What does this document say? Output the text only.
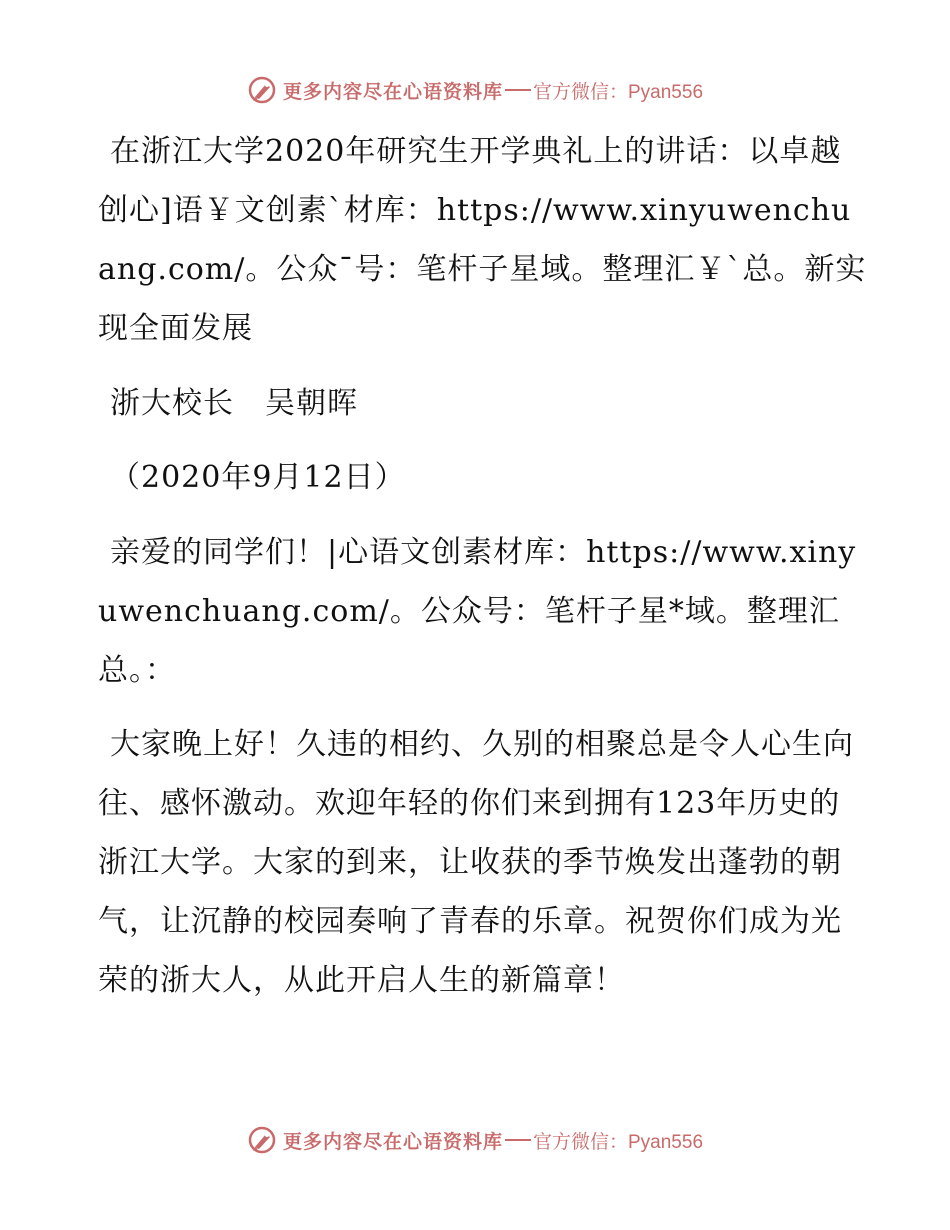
更多内容尽在心语资料库 官方微信：Pyan556

在浙江大学2020年研究生开学典礼上的讲话：以卓越创心]语￥文创素`材库：https://www.xinyuwenchuang.com/。公众¯号：笔杆子星域。整理汇￥`总。新实现全面发展

浙大校长　吴朝晖

（2020年9月12日）

亲爱的同学们！|心语文创素材库：https://www.xinyuwenchuang.com/。公众号：笔杆子星*域。整理汇总。：

大家晚上好！久违的相约、久别的相聚总是令人心生向往、感怀激动。欢迎年轻的你们来到拥有123年历史的浙江大学。大家的到来，让收获的季节焕发出蓬勃的朝气，让沉静的校园奏响了青春的乐章。祝贺你们成为光荣的浙大人，从此开启人生的新篇章！

更多内容尽在心语资料库 官方微信：Pyan556
